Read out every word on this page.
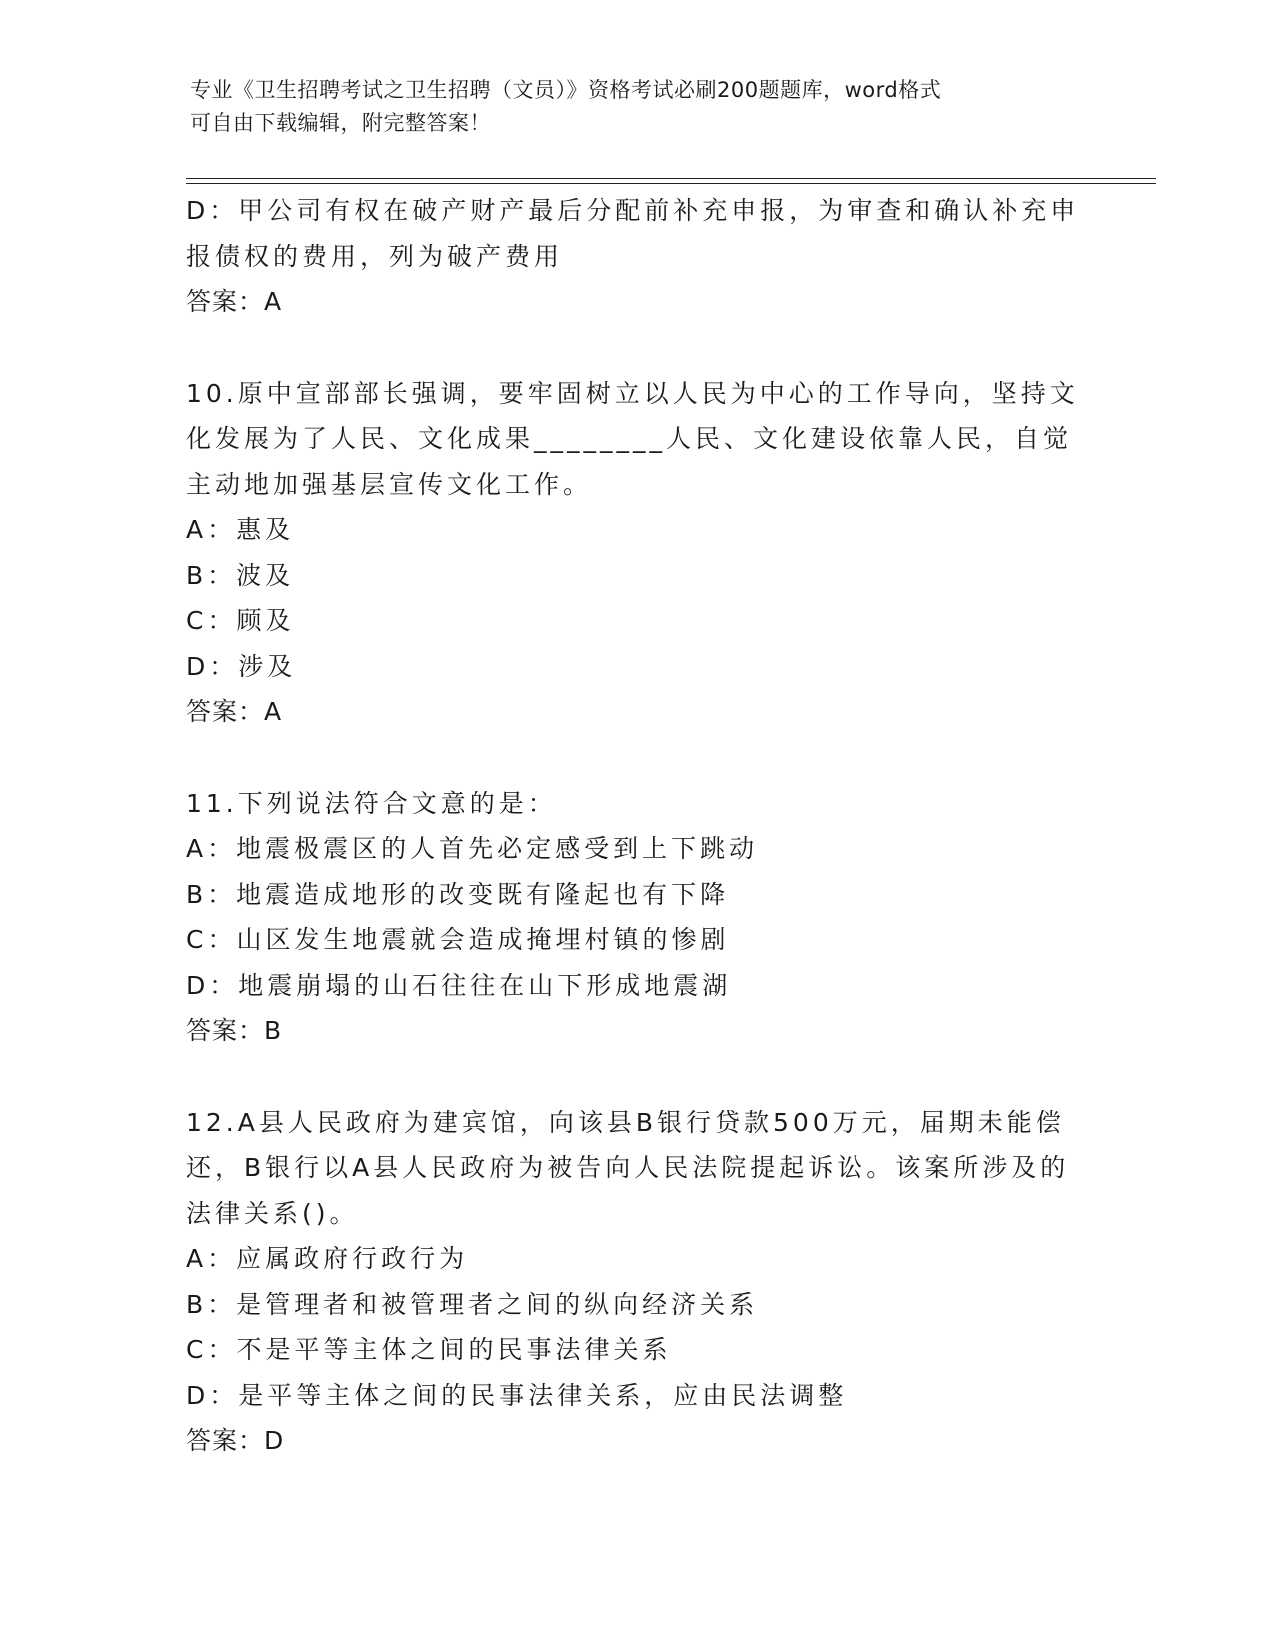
专业《卫生招聘考试之卫生招聘（文员）》资格考试必刷200题题库，word格式
可自由下载编辑，附完整答案！
D：甲公司有权在破产财产最后分配前补充申报，为审查和确认补充申
报债权的费用，列为破产费用
答案：A
10.原中宣部部长强调，要牢固树立以人民为中心的工作导向，坚持文
化发展为了人民、文化成果________人民、文化建设依靠人民，自觉
主动地加强基层宣传文化工作。
A：惠及
B：波及
C：顾及
D：涉及
答案：A
11.下列说法符合文意的是：
A：地震极震区的人首先必定感受到上下跳动
B：地震造成地形的改变既有隆起也有下降
C：山区发生地震就会造成掩埋村镇的惨剧
D：地震崩塌的山石往往在山下形成地震湖
答案：B
12.A县人民政府为建宾馆，向该县B银行贷款500万元，届期未能偿
还，B银行以A县人民政府为被告向人民法院提起诉讼。该案所涉及的
法律关系()。
A：应属政府行政行为
B：是管理者和被管理者之间的纵向经济关系
C：不是平等主体之间的民事法律关系
D：是平等主体之间的民事法律关系，应由民法调整
答案：D
